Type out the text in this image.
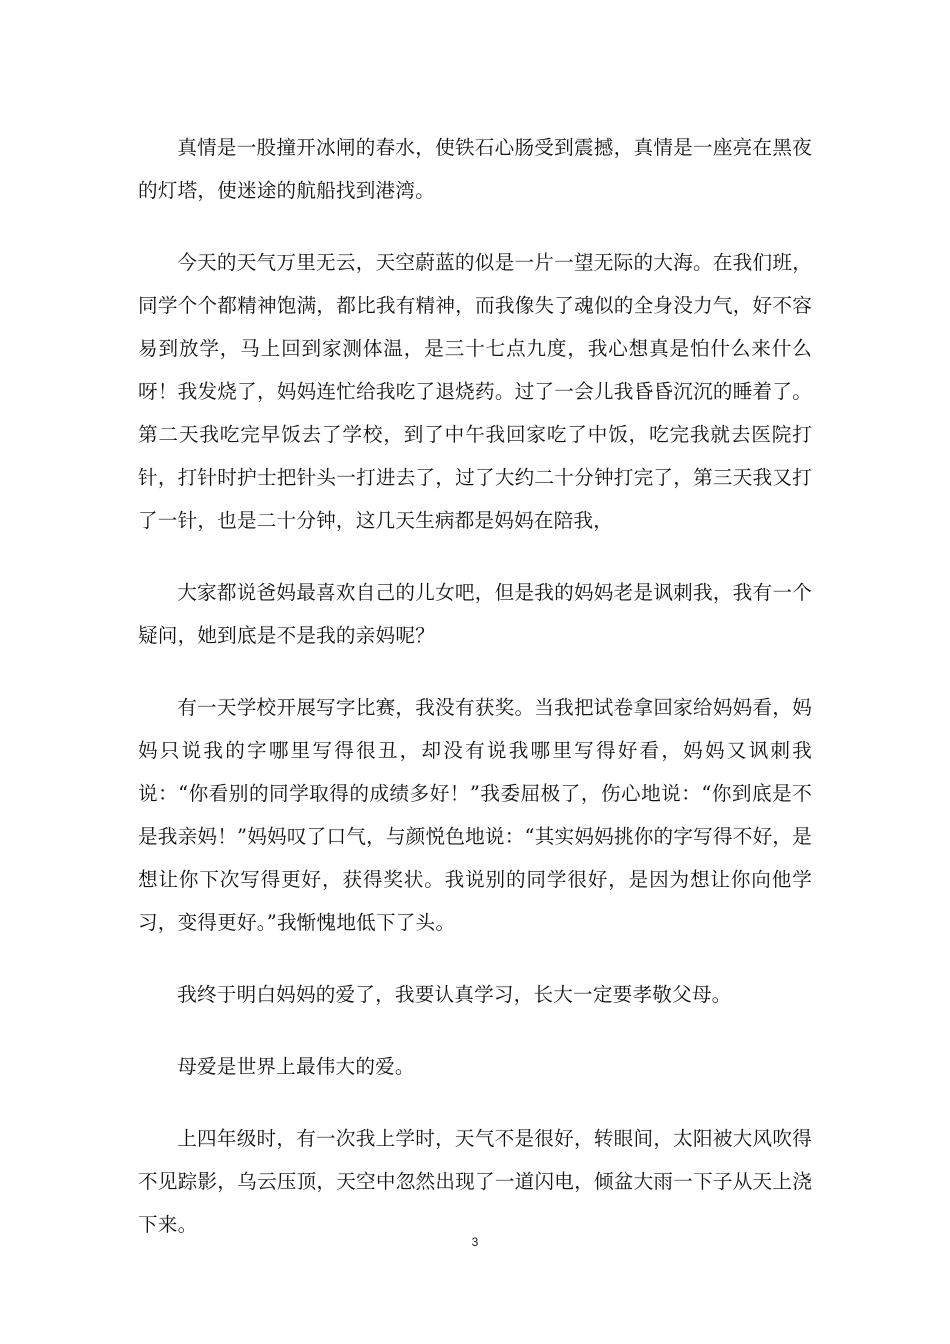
真情是一股撞开冰闸的春水，使铁石心肠受到震撼，真情是一座亮在黑夜的灯塔，使迷途的航船找到港湾。

今天的天气万里无云，天空蔚蓝的似是一片一望无际的大海。在我们班，同学个个都精神饱满，都比我有精神，而我像失了魂似的全身没力气，好不容易到放学，马上回到家测体温，是三十七点九度，我心想真是怕什么来什么呀！我发烧了，妈妈连忙给我吃了退烧药。过了一会儿我昏昏沉沉的睡着了。第二天我吃完早饭去了学校，到了中午我回家吃了中饭，吃完我就去医院打针，打针时护士把针头一打进去了，过了大约二十分钟打完了，第三天我又打了一针，也是二十分钟，这几天生病都是妈妈在陪我，

大家都说爸妈最喜欢自己的儿女吧，但是我的妈妈老是讽刺我，我有一个疑问，她到底是不是我的亲妈呢？

有一天学校开展写字比赛，我没有获奖。当我把试卷拿回家给妈妈看，妈妈只说我的字哪里写得很丑，却没有说我哪里写得好看，妈妈又讽刺我说：“你看别的同学取得的成绩多好！”我委屈极了，伤心地说：“你到底是不是我亲妈！”妈妈叹了口气，与颜悦色地说：“其实妈妈挑你的字写得不好，是想让你下次写得更好，获得奖状。我说别的同学很好，是因为想让你向他学习，变得更好。”我惭愧地低下了头。

我终于明白妈妈的爱了，我要认真学习，长大一定要孝敬父母。

母爱是世界上最伟大的爱。

上四年级时，有一次我上学时，天气不是很好，转眼间，太阳被大风吹得不见踪影，乌云压顶，天空中忽然出现了一道闪电，倾盆大雨一下子从天上浇下来。

3
